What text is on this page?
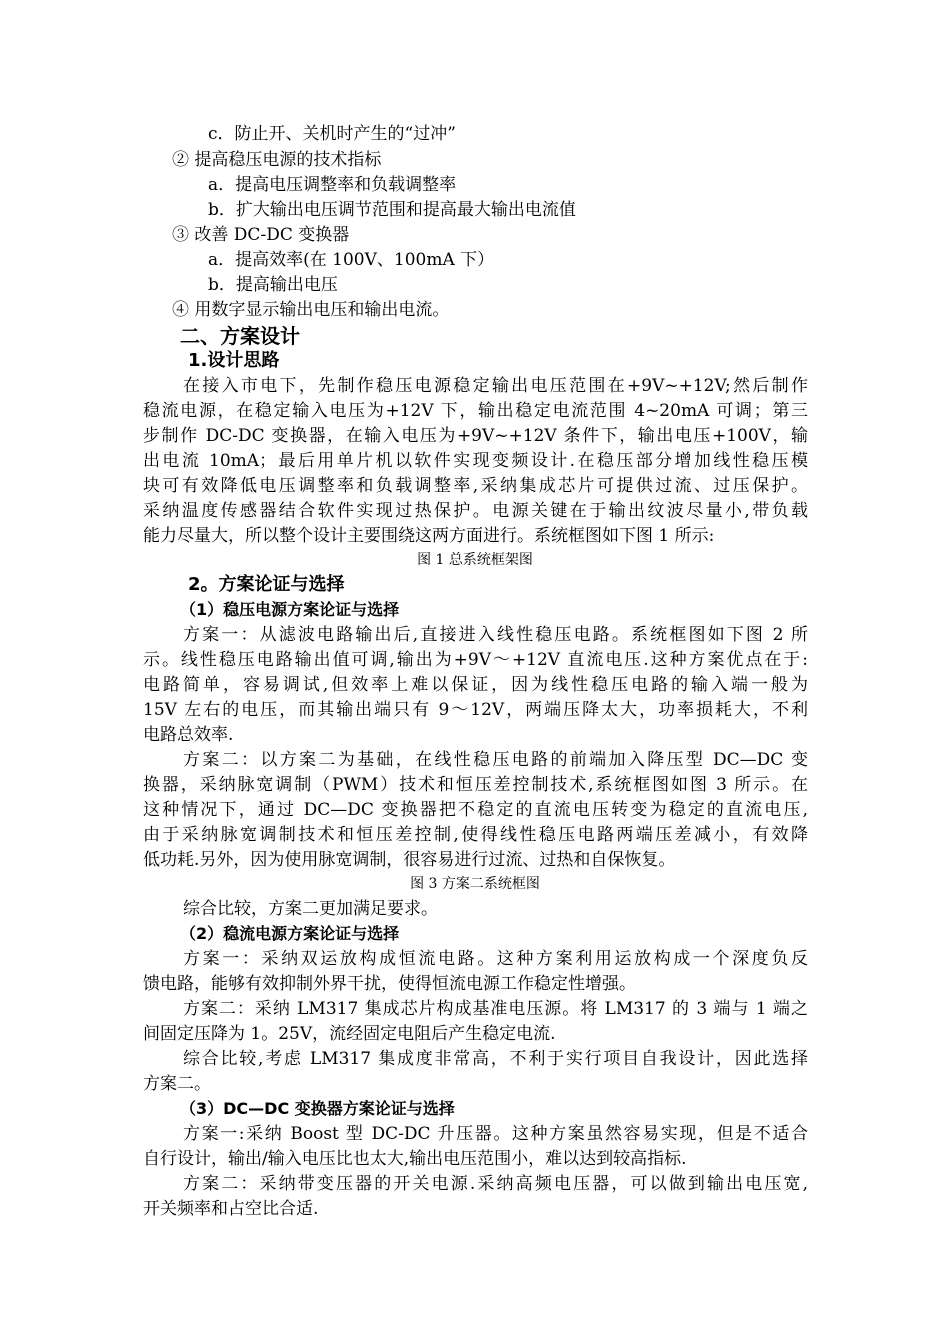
c．防止开、关机时产生的“过冲”
② 提高稳压电源的技术指标
a．提高电压调整率和负载调整率
b．扩大输出电压调节范围和提高最大输出电流值
③ 改善 DC-DC 变换器
a．提高效率(在 100V、100mA 下）
b．提高输出电压
④ 用数字显示输出电压和输出电流。
二、方案设计
1.设计思路
在接入市电下，先制作稳压电源稳定输出电压范围在+9V~+12V;然后制作
稳流电源，在稳定输入电压为+12V 下，输出稳定电流范围 4~20mA 可调；第三
步制作 DC-DC 变换器，在输入电压为+9V~+12V 条件下，输出电压+100V，输
出电流 10mA；最后用单片机以软件实现变频设计.在稳压部分增加线性稳压模
块可有效降低电压调整率和负载调整率,采纳集成芯片可提供过流、过压保护。
采纳温度传感器结合软件实现过热保护。电源关键在于输出纹波尽量小,带负载
能力尽量大，所以整个设计主要围绕这两方面进行。系统框图如下图 1 所示:
图 1 总系统框架图
2。方案论证与选择
（1）稳压电源方案论证与选择
方案一：从滤波电路输出后,直接进入线性稳压电路。系统框图如下图 2 所
示。线性稳压电路输出值可调,输出为+9V～+12V 直流电压.这种方案优点在于:
电路简单，容易调试,但效率上难以保证，因为线性稳压电路的输入端一般为
15V 左右的电压，而其输出端只有 9～12V，两端压降太大，功率损耗大，不利
电路总效率.
方案二：以方案二为基础，在线性稳压电路的前端加入降压型 DC—DC 变
换器，采纳脉宽调制（PWM）技术和恒压差控制技术,系统框图如图 3 所示。在
这种情况下，通过 DC—DC 变换器把不稳定的直流电压转变为稳定的直流电压,
由于采纳脉宽调制技术和恒压差控制,使得线性稳压电路两端压差减小，有效降
低功耗.另外，因为使用脉宽调制，很容易进行过流、过热和自保恢复。
图 3 方案二系统框图
综合比较，方案二更加满足要求。
（2）稳流电源方案论证与选择
方案一：采纳双运放构成恒流电路。这种方案利用运放构成一个深度负反
馈电路，能够有效抑制外界干扰，使得恒流电源工作稳定性增强。
方案二：采纳 LM317 集成芯片构成基准电压源。将 LM317 的 3 端与 1 端之
间固定压降为 1。25V，流经固定电阻后产生稳定电流.
综合比较,考虑 LM317 集成度非常高，不利于实行项目自我设计，因此选择
方案二。
（3）DC—DC 变换器方案论证与选择
方案一:采纳 Boost 型 DC-DC 升压器。这种方案虽然容易实现，但是不适合
自行设计，输出/输入电压比也太大,输出电压范围小，难以达到较高指标.
方案二：采纳带变压器的开关电源.采纳高频电压器，可以做到输出电压宽,
开关频率和占空比合适.
